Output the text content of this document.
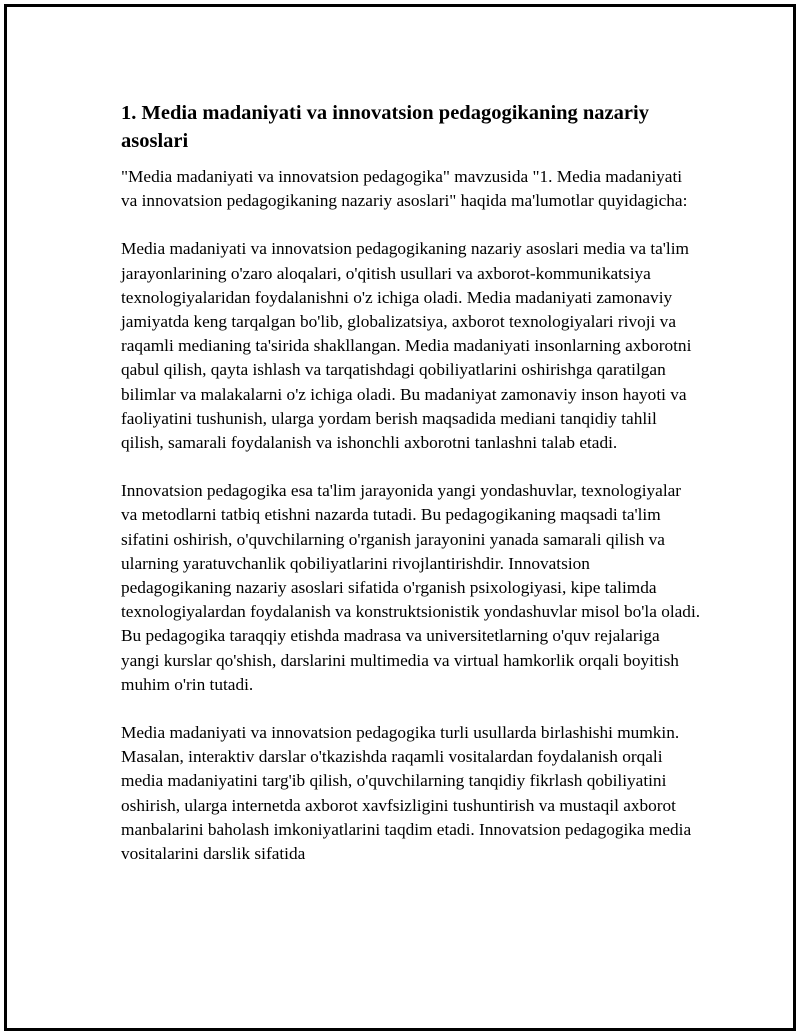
1. Media madaniyati va innovatsion pedagogikaning nazariy asoslari

"Media madaniyati va innovatsion pedagogika" mavzusida "1. Media madaniyati va innovatsion pedagogikaning nazariy asoslari" haqida ma'lumotlar quyidagicha:

Media madaniyati va innovatsion pedagogikaning nazariy asoslari media va ta'lim jarayonlarining o'zaro aloqalari, o'qitish usullari va axborot-kommunikatsiya texnologiyalaridan foydalanishni o'z ichiga oladi. Media madaniyati zamonaviy jamiyatda keng tarqalgan bo'lib, globalizatsiya, axborot texnologiyalari rivoji va raqamli medianing ta'sirida shakllangan. Media madaniyati insonlarning axborotni qabul qilish, qayta ishlash va tarqatishdagi qobiliyatlarini oshirishga qaratilgan bilimlar va malakalarni o'z ichiga oladi. Bu madaniyat zamonaviy inson hayoti va faoliyatini tushunish, ularga yordam berish maqsadida mediani tanqidiy tahlil qilish, samarali foydalanish va ishonchli axborotni tanlashni talab etadi.

Innovatsion pedagogika esa ta'lim jarayonida yangi yondashuvlar, texnologiyalar va metodlarni tatbiq etishni nazarda tutadi. Bu pedagogikaning maqsadi ta'lim sifatini oshirish, o'quvchilarning o'rganish jarayonini yanada samarali qilish va ularning yaratuvchanlik qobiliyatlarini rivojlantirishdir. Innovatsion pedagogikaning nazariy asoslari sifatida o'rganish psixologiyasi, kipe talimda texnologiyalardan foydalanish va konstruktsionistik yondashuvlar misol bo'la oladi. Bu pedagogika taraqqiy etishda madrasa va universitetlarning o'quv rejalariga yangi kurslar qo'shish, darslarini multimedia va virtual hamkorlik orqali boyitish muhim o'rin tutadi.

Media madaniyati va innovatsion pedagogika turli usullarda birlashishi mumkin. Masalan, interaktiv darslar o'tkazishda raqamli vositalardan foydalanish orqali media madaniyatini targ'ib qilish, o'quvchilarning tanqidiy fikrlash qobiliyatini oshirish, ularga internetda axborot xavfsizligini tushuntirish va mustaqil axborot manbalarini baholash imkoniyatlarini taqdim etadi. Innovatsion pedagogika media vositalarini darslik sifatida
